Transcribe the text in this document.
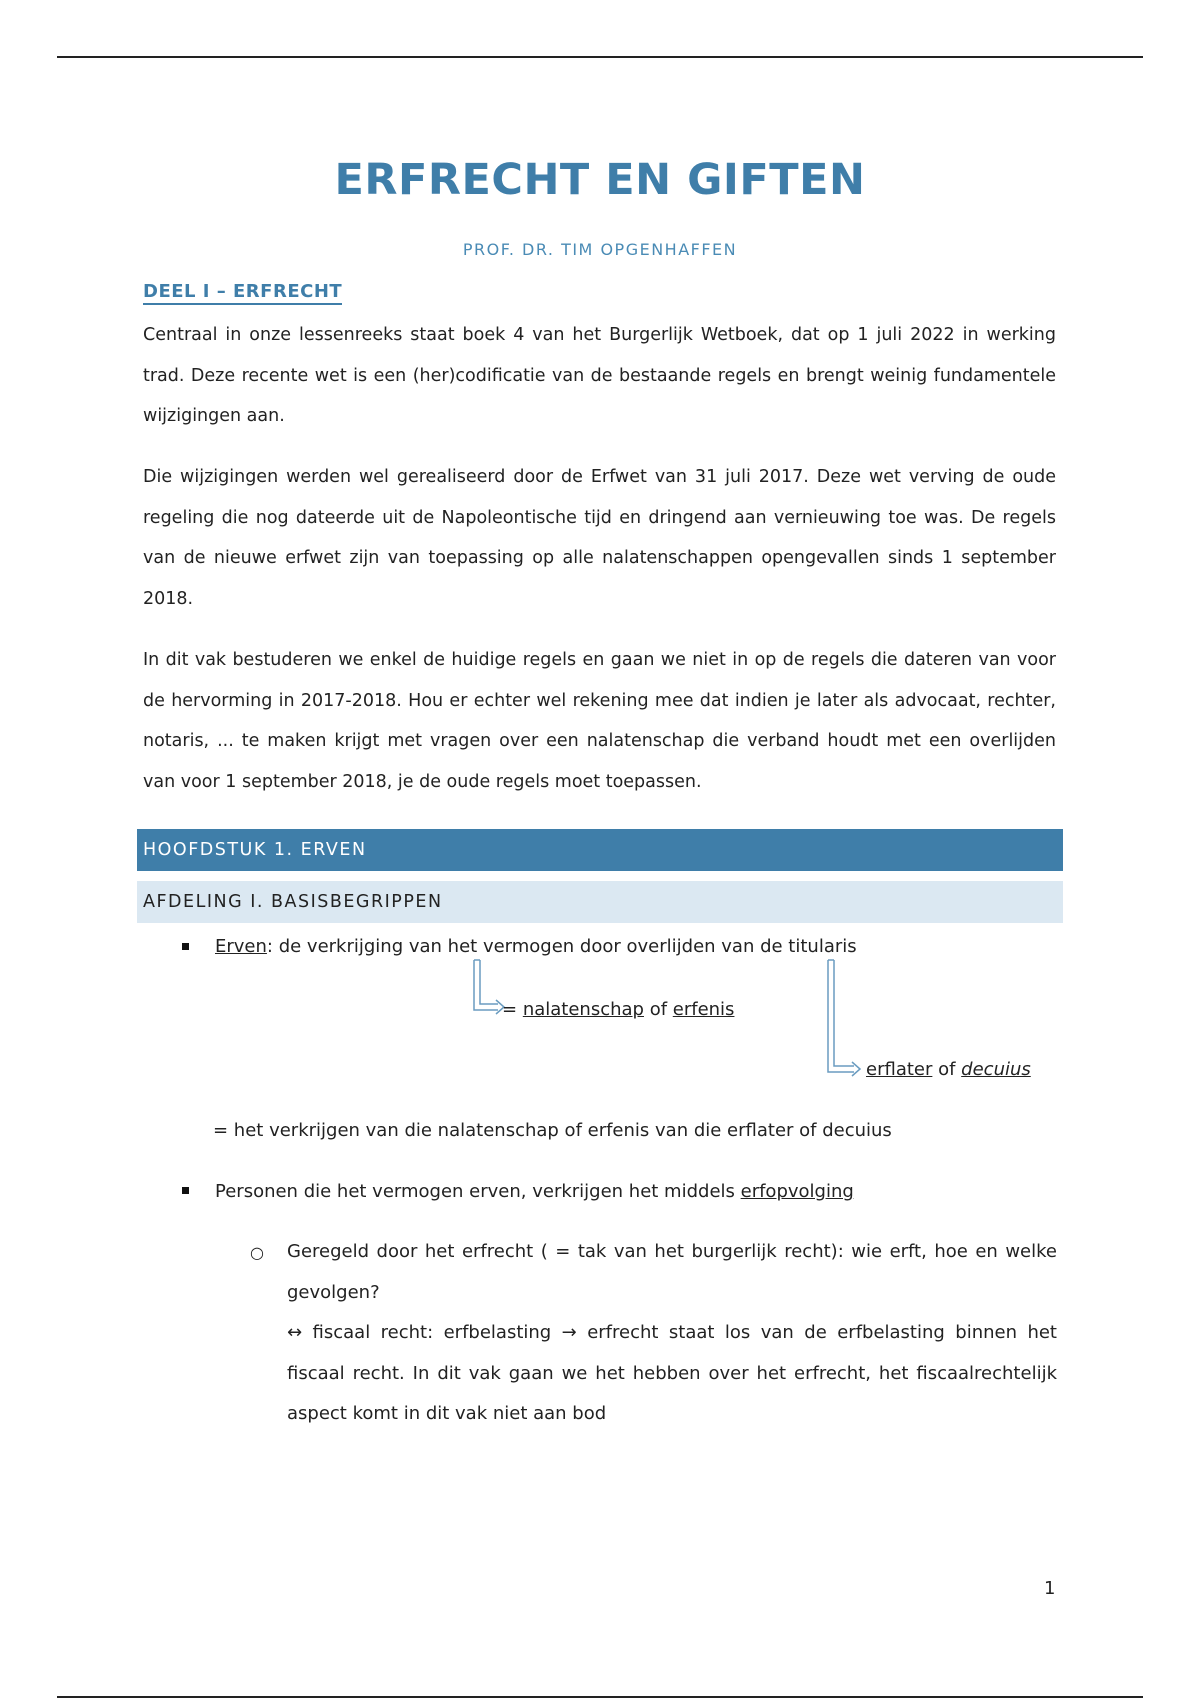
ERFRECHT EN GIFTEN
PROF. DR. TIM OPGENHAFFEN
DEEL I – ERFRECHT
Centraal in onze lessenreeks staat boek 4 van het Burgerlijk Wetboek, dat op 1 juli 2022 in werking trad. Deze recente wet is een (her)codificatie van de bestaande regels en brengt weinig fundamentele wijzigingen aan.
Die wijzigingen werden wel gerealiseerd door de Erfwet van 31 juli 2017. Deze wet verving de oude regeling die nog dateerde uit de Napoleontische tijd en dringend aan vernieuwing toe was. De regels van de nieuwe erfwet zijn van toepassing op alle nalatenschappen opengevallen sinds 1 september 2018.
In dit vak bestuderen we enkel de huidige regels en gaan we niet in op de regels die dateren van voor de hervorming in 2017-2018. Hou er echter wel rekening mee dat indien je later als advocaat, rechter, notaris, ... te maken krijgt met vragen over een nalatenschap die verband houdt met een overlijden van voor 1 september 2018, je de oude regels moet toepassen.
HOOFDSTUK 1. ERVEN
AFDELING I. BASISBEGRIPPEN
Erven: de verkrijging van het vermogen door overlijden van de titularis
= nalatenschap of erfenis
erflater of decuius
= het verkrijgen van die nalatenschap of erfenis van die erflater of decuius
Personen die het vermogen erven, verkrijgen het middels erfopvolging
○ Geregeld door het erfrecht ( = tak van het burgerlijk recht): wie erft, hoe en welke gevolgen?
↔ fiscaal recht: erfbelasting → erfrecht staat los van de erfbelasting binnen het fiscaal recht. In dit vak gaan we het hebben over het erfrecht, het fiscaalrechtelijk aspect komt in dit vak niet aan bod
1
